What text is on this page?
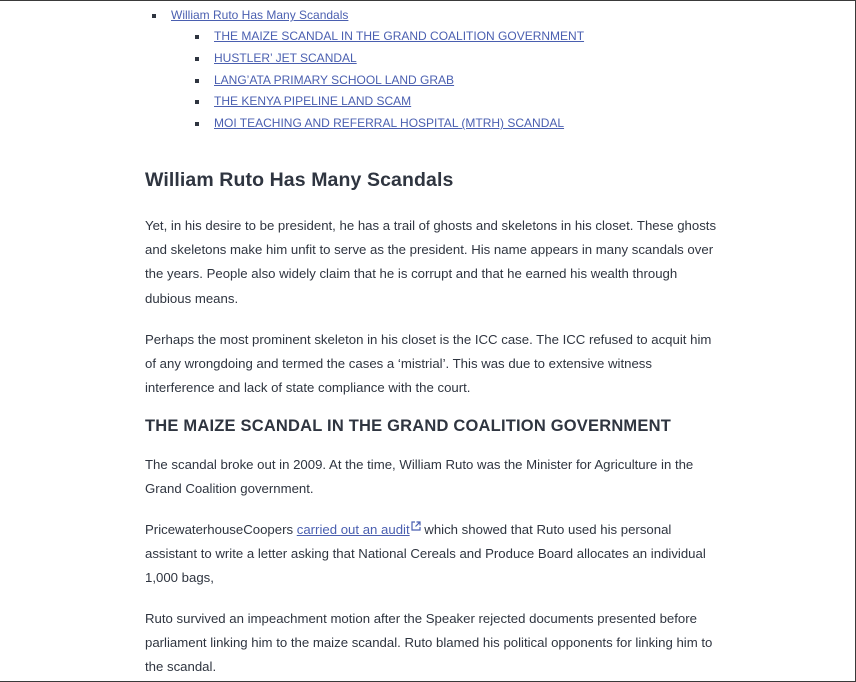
William Ruto Has Many Scandals
THE MAIZE SCANDAL IN THE GRAND COALITION GOVERNMENT
HUSTLER’ JET SCANDAL
LANG’ATA PRIMARY SCHOOL LAND GRAB
THE KENYA PIPELINE LAND SCAM
MOI TEACHING AND REFERRAL HOSPITAL (MTRH) SCANDAL
William Ruto Has Many Scandals

Yet, in his desire to be president, he has a trail of ghosts and skeletons in his closet. These ghosts and skeletons make him unfit to serve as the president. His name appears in many scandals over the years. People also widely claim that he is corrupt and that he earned his wealth through dubious means.

Perhaps the most prominent skeleton in his closet is the ICC case. The ICC refused to acquit him of any wrongdoing and termed the cases a ‘mistrial’. This was due to extensive witness interference and lack of state compliance with the court.

THE MAIZE SCANDAL IN THE GRAND COALITION GOVERNMENT

The scandal broke out in 2009. At the time, William Ruto was the Minister for Agriculture in the Grand Coalition government.

PricewaterhouseCoopers carried out an audit which showed that Ruto used his personal assistant to write a letter asking that National Cereals and Produce Board allocates an individual 1,000 bags,

Ruto survived an impeachment motion after the Speaker rejected documents presented before parliament linking him to the maize scandal. Ruto blamed his political opponents for linking him to the scandal.
